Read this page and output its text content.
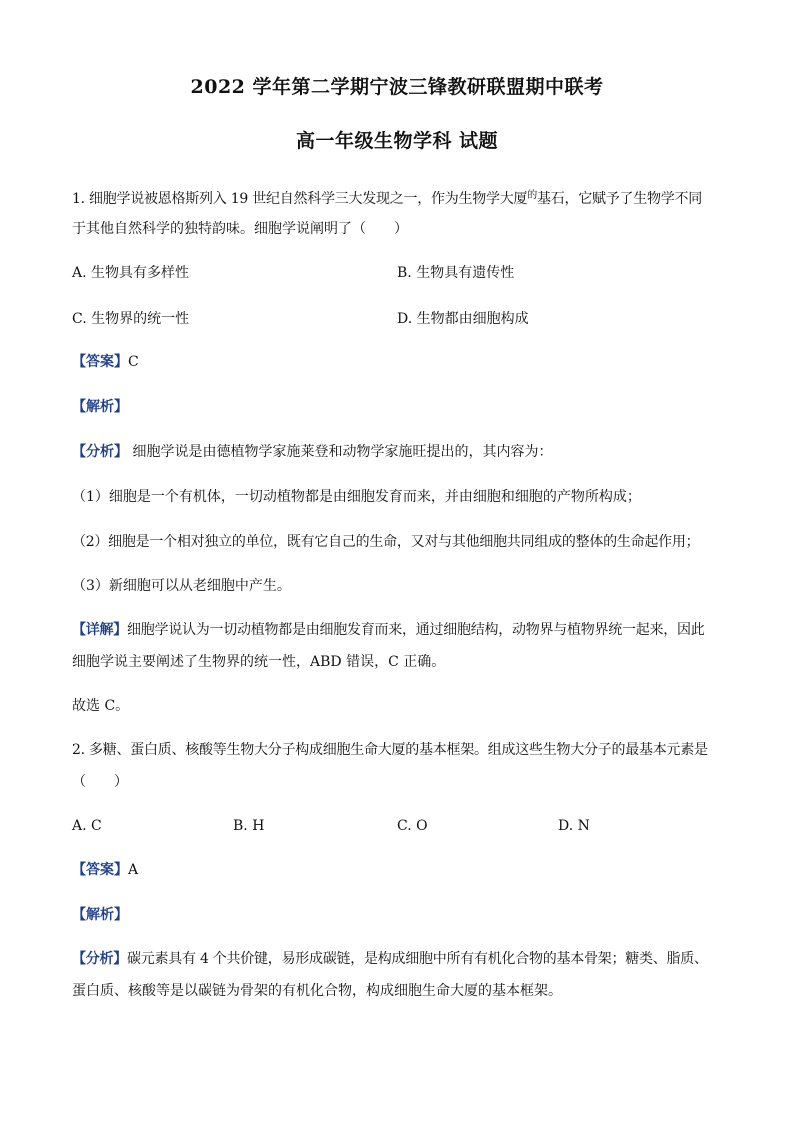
2022 学年第二学期宁波三锋教研联盟期中联考
高一年级生物学科 试题
1. 细胞学说被恩格斯列入 19 世纪自然科学三大发现之一，作为生物学大厦$^的$基石，它赋予了生物学不同
于其他自然科学的独特韵味。细胞学说阐明了（　　）
A. 生物具有多样性	B. 生物具有遗传性
C. 生物界的统一性	D. 生物都由细胞构成
【答案】C
【解析】
【分析】 细胞学说是由德植物学家施莱登和动物学家施旺提出的，其内容为：
（1）细胞是一个有机体，一切动植物都是由细胞发育而来，并由细胞和细胞的产物所构成；
（2）细胞是一个相对独立的单位，既有它自己的生命，又对与其他细胞共同组成的整体的生命起作用；
（3）新细胞可以从老细胞中产生。
【详解】细胞学说认为一切动植物都是由细胞发育而来，通过细胞结构，动物界与植物界统一起来，因此
细胞学说主要阐述了生物界的统一性，ABD 错误，C 正确。
故选 C。
2. 多糖、蛋白质、核酸等生物大分子构成细胞生命大厦的基本框架。组成这些生物大分子的最基本元素是
（　　）
A. C	B. H	C. O	D. N
【答案】A
【解析】
【分析】碳元素具有 4 个共价键，易形成碳链，是构成细胞中所有有机化合物的基本骨架；糖类、脂质、
蛋白质、核酸等是以碳链为骨架的有机化合物，构成细胞生命大厦的基本框架。
